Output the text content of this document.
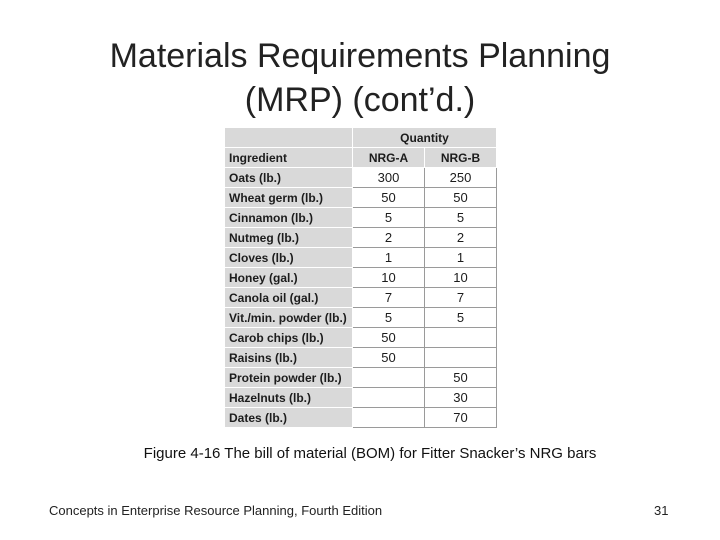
Materials Requirements Planning
(MRP) (cont’d.)
	Quantity	
Ingredient	NRG-A	NRG-B
Oats (lb.)	300	250
Wheat germ (lb.)	50	50
Cinnamon (lb.)	5	5
Nutmeg (lb.)	2	2
Cloves (lb.)	1	1
Honey (gal.)	10	10
Canola oil (gal.)	7	7
Vit./min. powder (lb.)	5	5
Carob chips (lb.)	50	
Raisins (lb.)	50	
Protein powder (lb.)		50
Hazelnuts (lb.)		30
Dates (lb.)		70
Figure 4-16 The bill of material (BOM) for Fitter Snacker’s NRG bars
Concepts in Enterprise Resource Planning, Fourth Edition	31
